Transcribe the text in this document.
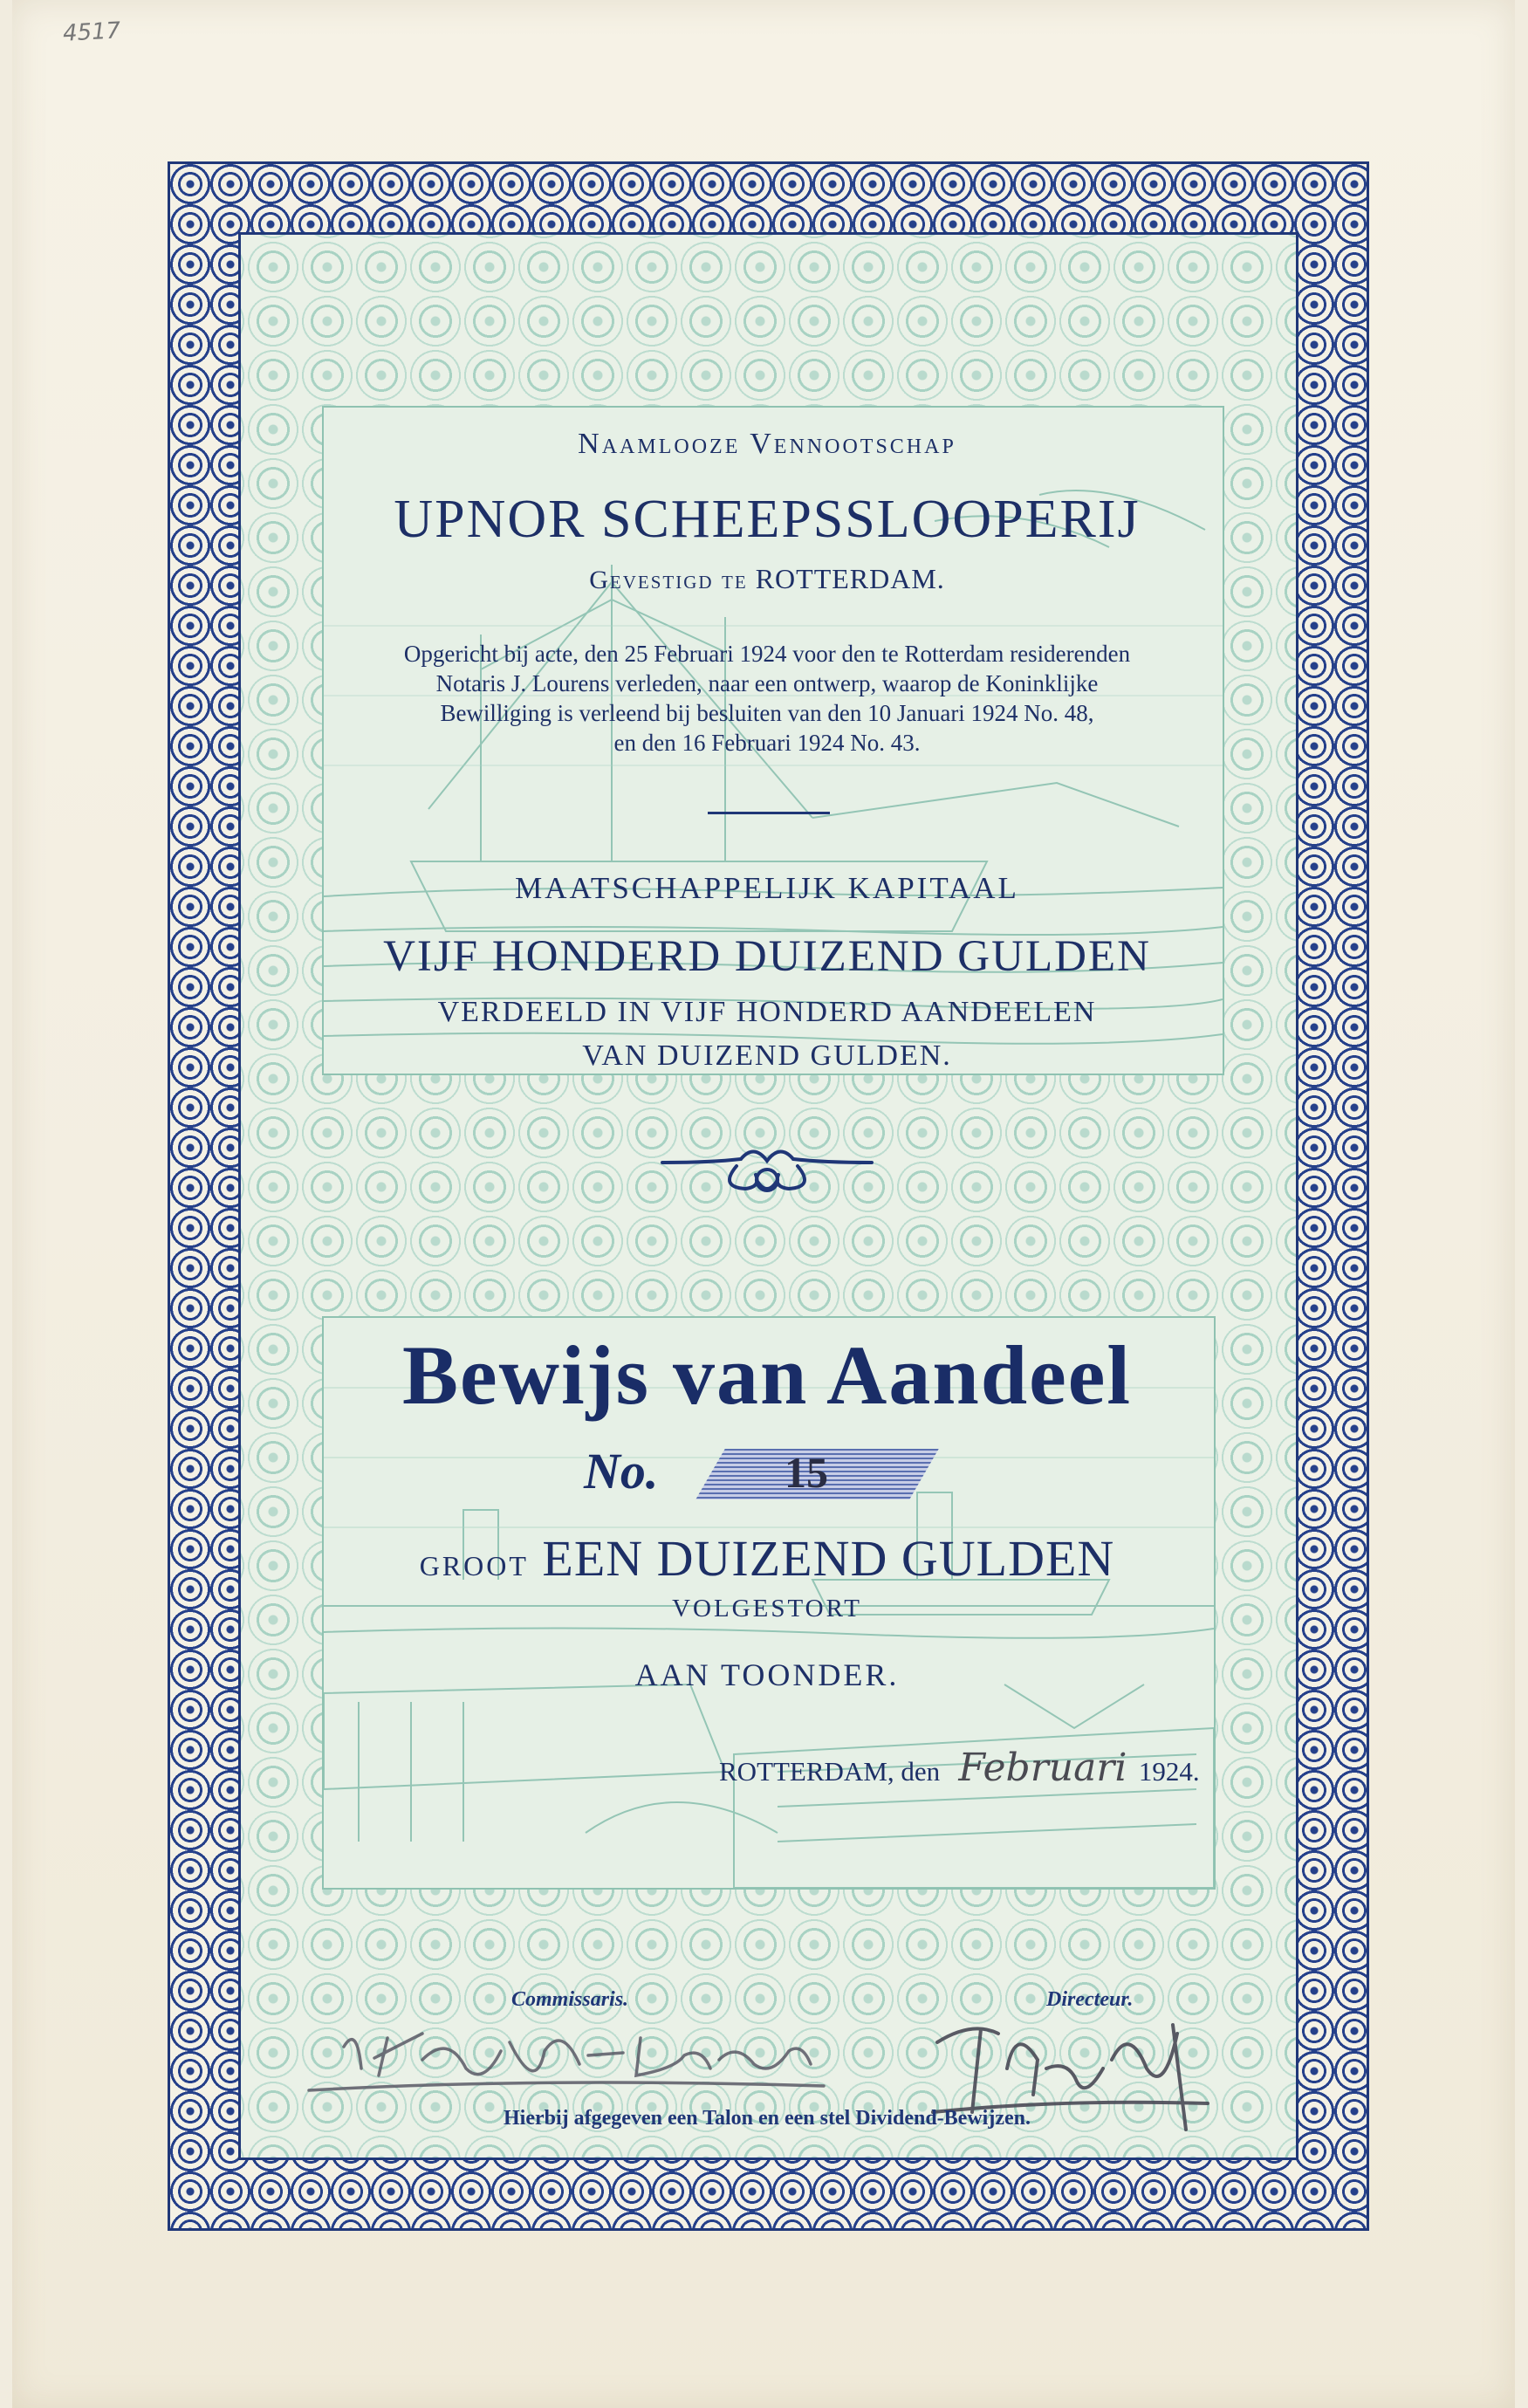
4517

Naamlooze Vennootschap

UPNOR SCHEEPSSLOOPERIJ

Gevestigd te ROTTERDAM.

Opgericht bij acte, den 25 Februari 1924 voor den te Rotterdam residerenden
Notaris J. Lourens verleden, naar een ontwerp, waarop de Koninklijke
Bewilliging is verleend bij besluiten van den 10 Januari 1924 No. 48,
en den 16 Februari 1924 No. 43.

MAATSCHAPPELIJK KAPITAAL

VIJF HONDERD DUIZEND GULDEN

VERDEELD IN VIJF HONDERD AANDEELEN

VAN DUIZEND GULDEN.

Bewijs van Aandeel

No.	15

GROOT EEN DUIZEND GULDEN

VOLGESTORT

AAN TOONDER.

ROTTERDAM, den Februari 1924.
Commissaris.	Directeur.

Hierbij afgegeven een Talon en een stel Dividend-Bewijzen.
